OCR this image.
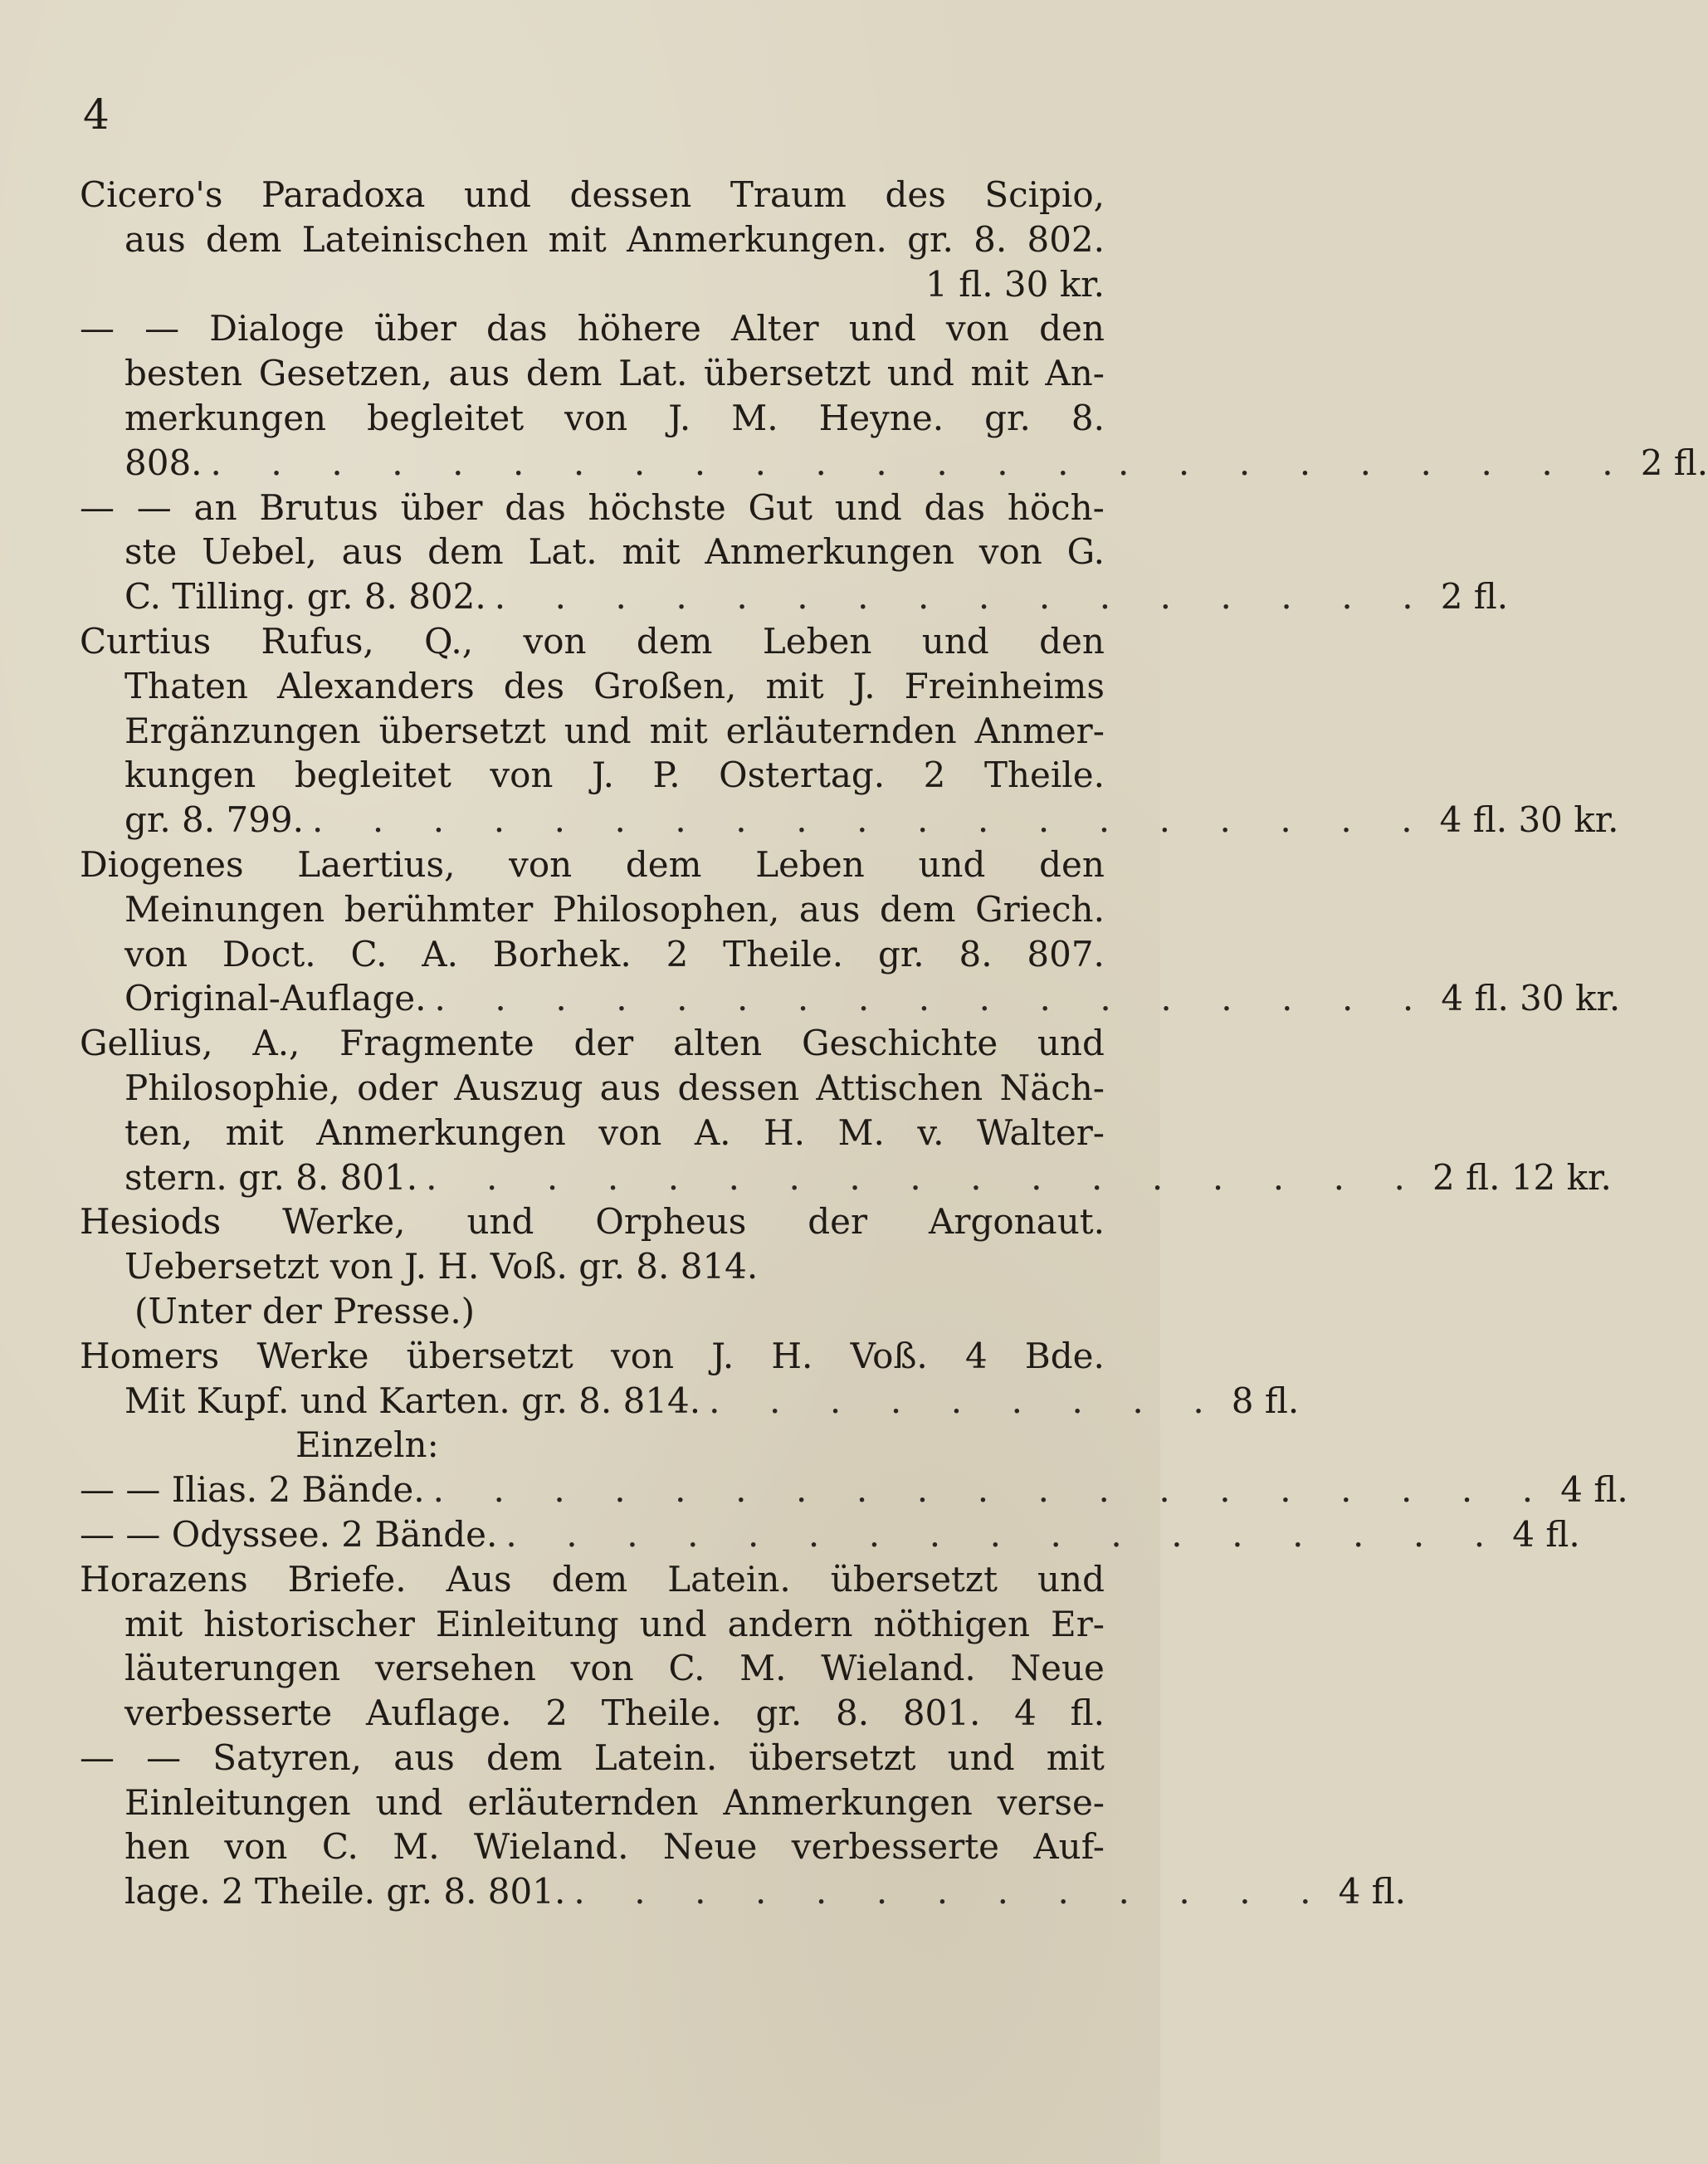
4
Cicero's Paradoxa und dessen Traum des Scipio,
aus dem Lateinischen mit Anmerkungen. gr. 8. 802.
1 fl. 30 kr.
— — Dialoge über das höhere Alter und von den
besten Gesetzen, aus dem Lat. übersetzt und mit An-
merkungen begleitet von J. M. Heyne. gr. 8.
808. . . . . . . . . . . . . . . . . . . . . . . . . 2 fl.
— — an Brutus über das höchste Gut und das höch-
ste Uebel, aus dem Lat. mit Anmerkungen von G.
C. Tilling. gr. 8. 802. . . . . . . . . . . . . . . . . 2 fl.
Curtius Rufus, Q., von dem Leben und den
Thaten Alexanders des Großen, mit J. Freinheims
Ergänzungen übersetzt und mit erläuternden Anmer-
kungen begleitet von J. P. Ostertag. 2 Theile.
gr. 8. 799. . . . . . . . . . . . . . . . . . . . 4 fl. 30 kr.
Diogenes Laertius, von dem Leben und den
Meinungen berühmter Philosophen, aus dem Griech.
von Doct. C. A. Borhek. 2 Theile. gr. 8. 807.
Original-Auflage. . . . . . . . . . . . . . . . . . 4 fl. 30 kr.
Gellius, A., Fragmente der alten Geschichte und
Philosophie, oder Auszug aus dessen Attischen Näch-
ten, mit Anmerkungen von A. H. M. v. Walter-
stern. gr. 8. 801. . . . . . . . . . . . . . . . . . 2 fl. 12 kr.
Hesiods Werke, und Orpheus der Argonaut.
Uebersetzt von J. H. Voß. gr. 8. 814.
(Unter der Presse.)
Homers Werke übersetzt von J. H. Voß. 4 Bde.
Mit Kupf. und Karten. gr. 8. 814. . . . . . . . . . 8 fl.
Einzeln:
— — Ilias. 2 Bände. . . . . . . . . . . . . . . . . . . . 4 fl.
— — Odyssee. 2 Bände. . . . . . . . . . . . . . . . . . 4 fl.
Horazens Briefe. Aus dem Latein. übersetzt und
mit historischer Einleitung und andern nöthigen Er-
läuterungen versehen von C. M. Wieland. Neue
verbesserte Auflage. 2 Theile. gr. 8. 801. 4 fl.
— — Satyren, aus dem Latein. übersetzt und mit
Einleitungen und erläuternden Anmerkungen verse-
hen von C. M. Wieland. Neue verbesserte Auf-
lage. 2 Theile. gr. 8. 801. . . . . . . . . . . . . . 4 fl.
